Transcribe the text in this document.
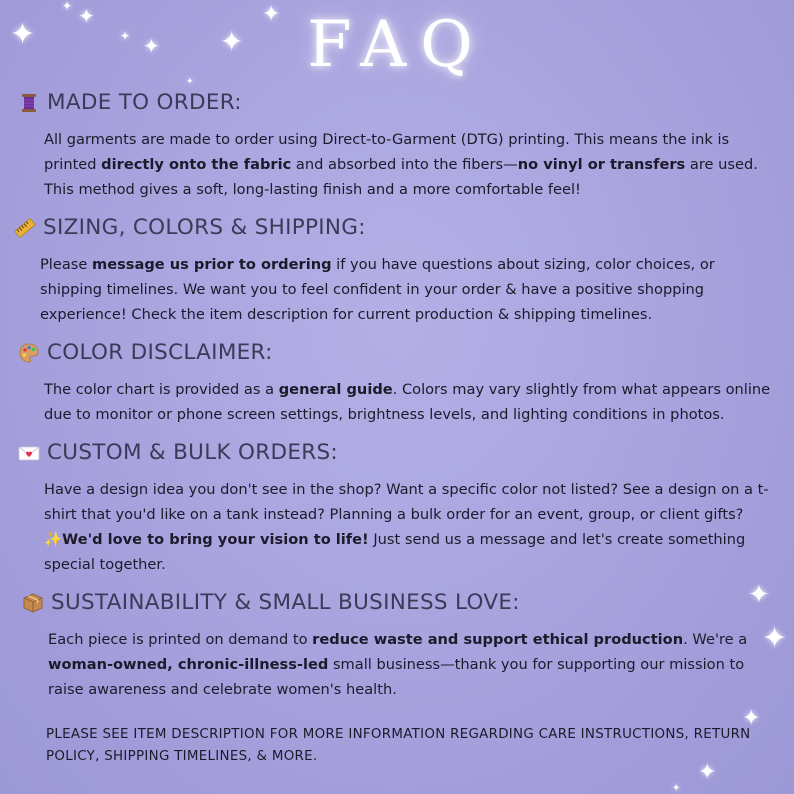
✦
✦ ✦
✦ ✦ ✦
✦
✦
✦
✦
✦
✦
✦
FAQ
MADE TO ORDER:
All garments are made to order using Direct-to-Garment (DTG) printing. This means the ink is printed directly onto the fabric and absorbed into the fibers—no vinyl or transfers are used. This method gives a soft, long-lasting finish and a more comfortable feel!
SIZING, COLORS & SHIPPING:
Please message us prior to ordering if you have questions about sizing, color choices, or shipping timelines. We want you to feel confident in your order & have a positive shopping experience! Check the item description for current production & shipping timelines.
COLOR DISCLAIMER:
The color chart is provided as a general guide. Colors may vary slightly from what appears online due to monitor or phone screen settings, brightness levels, and lighting conditions in photos.
CUSTOM & BULK ORDERS:
Have a design idea you don't see in the shop? Want a specific color not listed? See a design on a t-shirt that you'd like on a tank instead? Planning a bulk order for an event, group, or client gifts? ✨We'd love to bring your vision to life! Just send us a message and let's create something special together.
SUSTAINABILITY & SMALL BUSINESS LOVE:
Each piece is printed on demand to reduce waste and support ethical production. We're a woman-owned, chronic-illness-led small business—thank you for supporting our mission to raise awareness and celebrate women's health.
PLEASE SEE ITEM DESCRIPTION FOR MORE INFORMATION REGARDING CARE INSTRUCTIONS, RETURN POLICY, SHIPPING TIMELINES, & MORE.
